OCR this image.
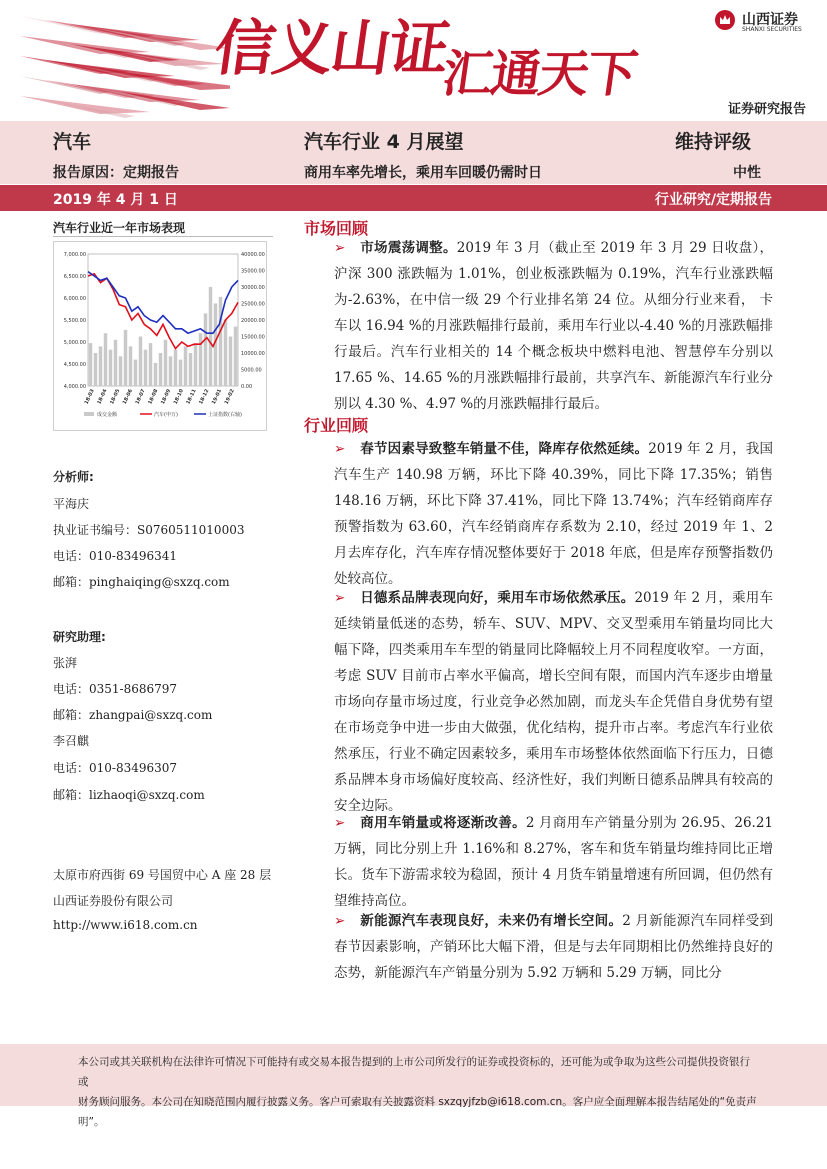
信义山证
汇通天下
山西证券
SHANXI SECURITIES
证券研究报告
汽车	汽车行业 4 月展望	维持评级
报告原因：定期报告	商用车率先增长，乘用车回暖仍需时日	中性
2019 年 4 月 1 日	行业研究/定期报告
汽车行业近一年市场表现
7,000.00
6,500.00
6,000.00
5,500.00
5,000.00
4,500.00
4,000.00
40000.00
35000.00
30000.00
25000.00
20000.00
15000.00
10000.00
5000.00
0.00
18-03 18-04 18-05 18-06 18-07 18-08 18-09 18-10 18-11 18-12 19-01 19-02
成交金额	汽车(申万)	上证指数(右轴)
分析师:
平海庆
执业证书编号：S0760511010003
电话：010-83496341
邮箱：pinghaiqing@sxzq.com
研究助理:
张湃
电话：0351-8686797
邮箱：zhangpai@sxzq.com
李召麒
电话：010-83496307
邮箱：lizhaoqi@sxzq.com
太原市府西街 69 号国贸中心 A 座 28 层
山西证券股份有限公司
http://www.i618.com.cn
市场回顾
➢ 市场震荡调整。2019 年 3 月（截止至 2019 年 3 月 29 日收盘），沪深 300 涨跌幅为 1.01%，创业板涨跌幅为 0.19%，汽车行业涨跌幅为-2.63%，在中信一级 29 个行业排名第 24 位。从细分行业来看， 卡车以 16.94 %的月涨跌幅排行最前，乘用车行业以-4.40 %的月涨跌幅排行最后。汽车行业相关的 14 个概念板块中燃料电池、智慧停车分别以 17.65 %、14.65 %的月涨跌幅排行最前，共享汽车、新能源汽车行业分别以 4.30 %、4.97 %的月涨跌幅排行最后。
行业回顾
➢ 春节因素导致整车销量不佳，降库存依然延续。2019 年 2 月，我国汽车生产 140.98 万辆，环比下降 40.39%，同比下降 17.35%；销售 148.16 万辆，环比下降 37.41%，同比下降 13.74%；汽车经销商库存预警指数为 63.60，汽车经销商库存系数为 2.10，经过 2019 年 1、2 月去库存化，汽车库存情况整体要好于 2018 年底，但是库存预警指数仍处较高位。
➢ 日德系品牌表现向好，乘用车市场依然承压。2019 年 2 月，乘用车延续销量低迷的态势，轿车、SUV、MPV、交叉型乘用车销量均同比大幅下降，四类乘用车车型的销量同比降幅较上月不同程度收窄。一方面，考虑 SUV 目前市占率水平偏高，增长空间有限，而国内汽车逐步由增量市场向存量市场过度，行业竞争必然加剧，而龙头车企凭借自身优势有望在市场竞争中进一步由大做强，优化结构，提升市占率。考虑汽车行业依然承压，行业不确定因素较多，乘用车市场整体依然面临下行压力，日德系品牌本身市场偏好度较高、经济性好，我们判断日德系品牌具有较高的安全边际。
➢ 商用车销量或将逐渐改善。2 月商用车产销量分别为 26.95、26.21 万辆，同比分别上升 1.16%和 8.27%，客车和货车销量均维持同比正增长。货车下游需求较为稳固，预计 4 月货车销量增速有所回调，但仍然有望维持高位。
➢ 新能源汽车表现良好，未来仍有增长空间。2 月新能源汽车同样受到春节因素影响，产销环比大幅下滑，但是与去年同期相比仍然维持良好的态势，新能源汽车产销量分别为 5.92 万辆和 5.29 万辆，同比分
本公司或其关联机构在法律许可情况下可能持有或交易本报告提到的上市公司所发行的证券或投资标的，还可能为或争取为这些公司提供投资银行或
财务顾问服务。本公司在知晓范围内履行披露义务。客户可索取有关披露资料 sxzqyjfzb@i618.com.cn。客户应全面理解本报告结尾处的“免责声明”。
